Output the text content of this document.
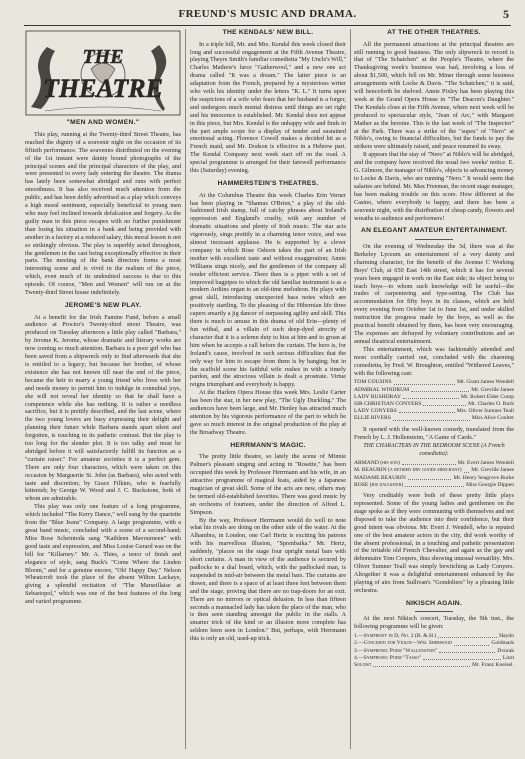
FREUND'S MUSIC AND DRAMA.	5
THE
THEATRE
"MEN AND WOMEN."

This play, running at the Twenty-third Street Theatre, has reached the dignity of a souvenir night on the occasion of its fiftieth performance. The souvenirs distributed on the evening of the 1st instant were dainty bound photographs of the principal scenes and the principal characters of the play, and were presented to every lady entering the theatre. The drama has lately been somewhat abridged and runs with perfect smoothness. It has also received much attention from the public, and has been deftly advertised as a play which conveys a high moral sentiment, especially beneficial to young men who may feel inclined towards defalcation and forgery. As the guilty man in this piece escapes with no further punishment than losing his situation in a bank and being provided with another in a factory at a reduced salary, this moral lesson is not so strikingly obvious. The play is superbly acted throughout, the gentlemen in the cast being exceptionally effective in their parts. The meeting of the bank directors forms a most interesting scene and is vivid in the realism of the piece, which, even much of its undoubted success is due to this episode. Of course, "Men and Women" will run on at the Twenty-third Street house indefinitely.

JEROME'S NEW PLAY.

At a benefit for the Irish Famine Fund, before a small audience at Proctor's Twenty-third street Theatre, was produced on Tuesday afternoon a little play called "Barbara," by Jerome K. Jerome, whose dramatic and literary works are now coming so much attention. Barbara is a poor girl who has been saved from a shipwreck only to find afterwards that she is entitled to a legacy; but because her brother, of whose existence she has not known till near the end of the piece, became the heir to marry a young friend who lives with her and needs money to permit him to indulge in connubial joys, she will not reveal her identity so that he shall have a competence while she has nothing. It is rather a needless sacrifice, but it is prettily described, and the last scene, where the two young lovers are busy expressing their delight and planning their future while Barbara stands apart silent and forgotten, is touching in its pathetic contrast. But the play is too long for the slender plot. It is too talky and must be abridged before it will satisfactorily fulfill its function as a "curtain raiser." For amateur societies it is a perfect gem. There are only four characters, which were taken on this occasion by Marguerite St. John (as Barbara), who acted with taste and discretion; by Grace Filkins, who is fearfully kittenish; by George W. Wood and J. C. Buckstone, both of whom are admirable.

This play was only one feature of a long programme, which included "The Kerry Dance," well sung by the quartette from the "Blue Jeans" Company. A large programme, with a great band music, concluded with a scene of a second-hand; Miss Rose Scheintoda sang "Kathleen Mavourneen" with good taste and expression, and Miss Louise Gerard was on the bill for "Killarney." Mr. A. Thies, a tenor of finish and elegance of style, sang Buck's "Come Where the Linden Bloom," and for a genuine encore, "Oh! Happy Day." Nelson Wheatcroft took the place of the absent Wilton Lackaye, giving a splendid recitation of "The Marseillaise at Sebastopol," which was one of the best features of the long and varied programme.

THE KENDALS' NEW BILL.

In a triple bill, Mr. and Mrs. Kendal this week closed their long and successful engagement at the Fifth Avenue Theatre, playing Theyre Smith's familiar comedietta "My Uncle's Will," Charles Mathew's farce "Gatherwool," and a new one act drama called "It was a dream." The latter piece is an adaptation from the French, prepared by a mysterious writer who veils his identity under the letters "K. L." It turns upon the suspicions of a wife who fears that her husband is a forger, and undergoes much mental distress until things are set right and his innocence is established. Mr. Kendal does not appear in this piece, but Mrs. Kendal is the unhappy wife and finds in the part ample scope for a display of tender and sustained emotional acting. Florence Cowell makes a decided hit as a French maid, and Mr. Dodson is effective in a Hebrew part. The Kendal Company next week start off on the road. A special programme is arranged for their farewell performance this (Saturday) evening.

HAMMERSTEIN'S THEATRES.

At the Columbus Theatre this week Charles Erin Verner has been playing in "Shamus O'Brien," a play of the old-fashioned Irish stamp, full of catchy phrases about Ireland's oppression and England's cruelty, with any number of dramatic situations and plenty of Irish music. The star acts vigorously, sings prettily in a charming tenor voice, and was almost incessant applause. He is supported by a clever company in which Rose Osborn takes the part of an Irish mother with excellent taste and without exaggeration; Annie Williams sings nicely, and the gentlemen of the company all render efficient service. There then is a piper with a set of improved bagpipes to which the old familiar instrument is as a modern Ardiins organ to an old-time melodeon. He plays with great skill, introducing unexpected bass notes which are positively startling. To the pleasing of the Hibernian life three capers smartly a jig dancer of surpassing agility and skill. This there is much to amuse in this drama of old Erin—plenty of fun withal, and a villain of such deep-dyed atrocity of character that it is a solemn duty to hiss at him and to groan at him when he accepts a call before the curtain. The hero is, for Ireland's cause, involved in such serious difficulties that the only way for him to escape from them is by hanging; but in the scaffold scene his faithful wife rushes in with a timely pardon, and the atrocious villain is dealt a prostrate. Virtue reigns triumphant and everybody is happy.

At the Harlem Opera House this week Mrs. Leslie Carter has been the star, in her new play, "The Ugly Duckling." The audiences have been large, and Mr. Henley has attracted much attention by his vigorous performance of the part to which he gave so much interest in the original production of the play at the Broadway Theatre.

HERRMANN'S MAGIC.

The pretty little theatre, so lately the scene of Minnie Palmer's pleasant singing and acting in "Rosette," has been occupied this week by Professor Herrmann and his wife, in an attractive programme of magical feats, aided by a Japanese magician of great skill. Some of the acts are new, others may be termed old-established favorites. There was good music by an orchestra of fourteen, under the direction of Alfred L. Simpson.

By the way, Professor Herrmann would do well to note what his rivals are doing on the other side of the water. At the Alhambra, in London, one Carl Hertz is exciting his patrons with his marvellous illusion, "Sprenbaika." Mr. Hertz, suddenly, "places on the stage four upright metal bars with short curtains. A man in view of the audience is secured by padlocks to a dial board, which, with the padlocked man, is suspended in mid-air between the metal bars. The curtains are drawn, and there is a space of at least three feet between them and the stage, proving that there are no trap-doors for an exit. There are no mirrors or optical delusion. In less than fifteen seconds a mannacled lady has taken the place of the man, who is then seen standing amongst the public in the stalls. A smarter trick of the kind or an illusion more complete has seldom been seen in London." But, perhaps, with Herrmann this is only an old, used-up trick.

AT THE OTHER THEATRES.

All the permanent attractions at the principal theatres are still running to good business. The only slipwreck to record is that of "The Schatchen" at the People's Theatre, where the Thanksgiving week's business was bad, involving a loss of about $1,500, which fell on Mr. Miner through some business arrangements with Locke & Davis. "The Schatchen," it is said, will henceforth be shelved. Annie Pixley has been playing this week at the Grand Opera House in "The Deacon's Daughter." The Kendals close at the Fifth Avenue, where next week will be produced to spectacular style, "Jean of Arc," with Margaret Mather as the heroine. This is the last week of "The Inspector" at the Park. There was a strike of the "supes" of "Nero" at Niblo's, owing to financial difficulties, but the funds to pay the strikers were ultimately raised, and peace resumed its sway.

It appears that the stay of "Nero" at Niblo's will be abridged, and the company have received the usual two weeks' notice. E. G. Gilmore, the manager of Niblo's, objects to advancing money to Locke & Davis, who are running "Nero." It would seem that salaries are behind. Mr. Max Freeman, the recent stage manager, has been making trouble on this score. How different at the Casino, where everybody is happy, and there has been a souvenir night, with the distribution of cheap candy, flowers and wreaths to audience and performers!

AN ELEGANT AMATEUR ENTERTAINMENT.

On the evening of Wednesday the 3d, there was at the Berkeley Lyceum an entertainment of a very dainty and charming character, for the benefit of the Avenue C Working Boys' Club, at 650 East 14th street, which it has for several years been engaged in work on the East side; its object being to teach boys—to whom such knowledge will be useful—the trades of carpentering and type-setting. The Club has accommodation for fifty boys in its classes, which are held every evening from October 1st to June 1st, and under skilled instruction the progress made by the boys, as well as the practical benefit obtained by them, has been very encouraging. The expenses are defrayed by voluntary contributions and an annual theatrical entertainment.

This entertainment, which was fashionably attended and most cordially carried out, concluded with the charming comedietta, by Fred. W. Broughton, entitled "Withered Leaves," with the following cast:

TOM COUSINS	Mr. Grant James Wendell
ADMIRAL WINDRUM	Mr. Greville James
LADY RUSHDRAY	Mr. Robert Elder Comp
SIR CHRISTIAN CONYERS	Mr. Charles O. Burk
LADY CONYERS	Mrs. Oliver Sumner Teall
ELLIE RIVERS	Miss Alice Coulter

It opened with the well-known comedy, translated from the French by L. J. Hollensteim, "A Game of Cards."

THE CHARACTERS IN THE BEDROOM SCENE (A French comedietta):
ARMAND (his son)	Mr. Evert James Wendell
M. BEAURIN (a retired dry goods merchant) Mr. Greville James
MADAME BEAURIN	Mr. Henry Seagrove Burke
ROSE (his daughter)	Miss Georgie Dippen

Very creditably were both of these pretty little plays represented. Some of the young ladies and gentlemen on the stage spoke as if they were communing with themselves and not disposed to take the audience into their confidence, but their good intent was obvious. Mr. Evert J. Wendell, who is reputed one of the best amateur actors in the city, did work worthy of the absent professional, in a touching and pathetic presentation of the irritable old French Chevalier, and again as the gay and debonnaire Tom Coopers, thus showing unusual versatility. Mrs. Oliver Sumner Teall was simply bewitching as Lady Conyers. Altogether it was a delightful entertainment enhanced by the playing of airs from Sullivan's "Gondoliers" by a pleasing little orchestra.

NIKISCH AGAIN.

At the next Nikisch concert, Tuesday, the 9th inst., the following programme will be given:

1.—Symphony in D, No. 2 (B. & H.)	Haydn
2.—Concerto for Violin—Wm. Sherwood	Goldmark
3.—Symphonic Poem "Wallenstein"	Dvorak
4.—Symphonic Poem "Tasso"	Liszt
Soloist	Mr. Franz Kneisel.
